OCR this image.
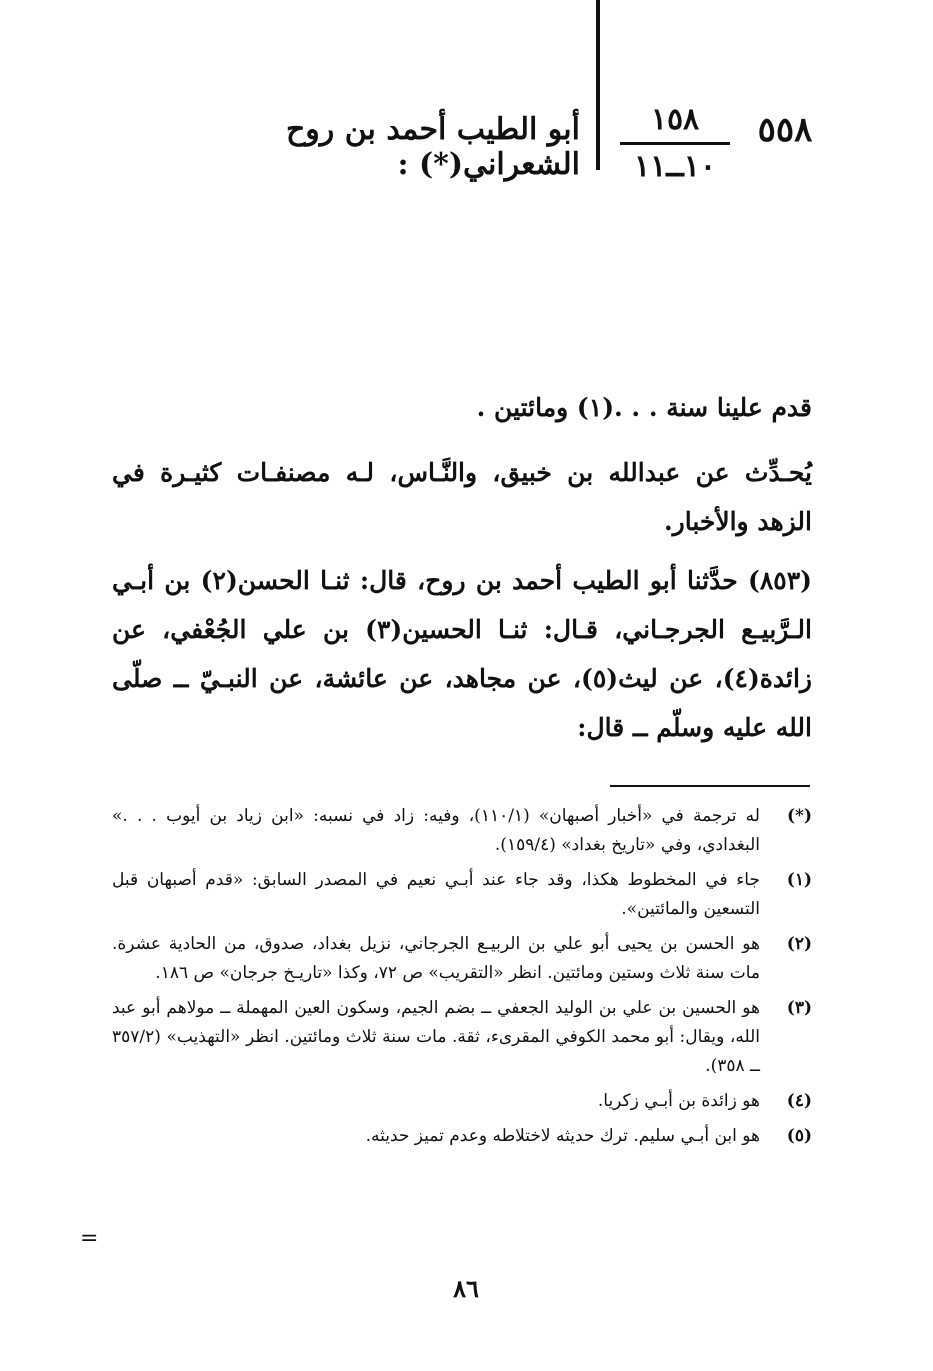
٥٥٨
١٥٨
١٠ــ١١
أبو الطيب أحمد بن روح الشعراني(*) :
قدم علينا سنة . . .(١) ومائتين .
يُحـدِّث عن عبدالله بن خبيق، والنَّـاس، لـه مصنفـات كثيـرة في الزهد والأخبار.
(٨٥٣) حدَّثنا أبو الطيب أحمد بن روح، قال: ثنـا الحسن(٢) بن أبـي الـرَّبيـع الجرجـاني، قـال: ثنـا الحسين(٣) بن علي الجُعْفي، عن زائدة(٤)، عن ليث(٥)، عن مجاهد، عن عائشة، عن النبـيّ ــ صلّى الله عليه وسلّم ــ قال:
(*)
له ترجمة في «أخبار أصبهان» (١١٠/١)، وفيه: زاد في نسبه: «ابن زياد بن أيوب . . .» البغدادي، وفي «تاريخ بغداد» (١٥٩/٤).
(١)
جاء في المخطوط هكذا، وقد جاء عند أبـي نعيم في المصدر السابق: «قدم أصبهان قبل التسعين والمائتين».
(٢)
هو الحسن بن يحيى أبو علي بن الربيـع الجرجاني، نزيل بغداد، صدوق، من الحادية عشرة. مات سنة ثلاث وستين ومائتين. انظر «التقريب» ص ٧٢، وكذا «تاريـخ جرجان» ص ١٨٦.
(٣)
هو الحسين بن علي بن الوليد الجعفي ــ بضم الجيم، وسكون العين المهملة ــ مولاهم أبو عبد الله، ويقال: أبو محمد الكوفي المقرىء، ثقة. مات سنة ثلاث ومائتين. انظر «التهذيب» (٣٥٧/٢ ــ ٣٥٨).
(٤)
هو زائدة بن أبـي زكريا.
(٥)
هو ابن أبـي سليم. ترك حديثه لاختلاطه وعدم تميز حديثه.
=
٨٦
